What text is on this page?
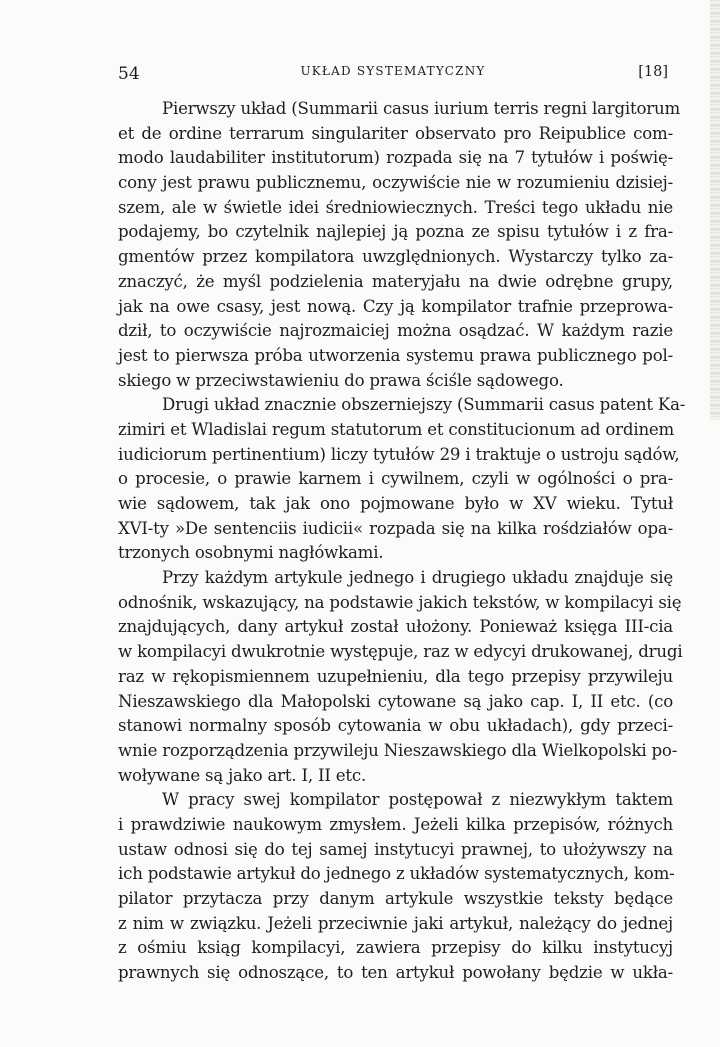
54	UKŁAD SYSTEMATYCZNY	[18]

Pierwszy układ (Summarii casus iurium terris regni largitorum
et de ordine terrarum singulariter observato pro Reipublice com-
modo laudabiliter institutorum) rozpada się na 7 tytułów i poświę-
cony jest prawu publicznemu, oczywiście nie w rozumieniu dzisiej-
szem, ale w świetle idei średniowiecznych. Treści tego układu nie
podajemy, bo czytelnik najlepiej ją pozna ze spisu tytułów i z fra-
gmentów przez kompilatora uwzględnionych. Wystarczy tylko za-
znaczyć, że myśl podzielenia materyjału na dwie odrębne grupy,
jak na owe csasy, jest nową. Czy ją kompilator trafnie przeprowa-
dził, to oczywiście najrozmaiciej można osądzać. W każdym razie
jest to pierwsza próba utworzenia systemu prawa publicznego pol-
skiego w przeciwstawieniu do prawa ściśle sądowego.

Drugi układ znacznie obszerniejszy (Summarii casus patent Ka-
zimiri et Wladislai regum statutorum et constitucionum ad ordinem
iudiciorum pertinentium) liczy tytułów 29 i traktuje o ustroju sądów,
o procesie, o prawie karnem i cywilnem, czyli w ogólności o pra-
wie sądowem, tak jak ono pojmowane było w XV wieku. Tytuł
XVI-ty »De sentenciis iudicii« rozpada się na kilka rośdziałów opa-
trzonych osobnymi nagłówkami.

Przy każdym artykule jednego i drugiego układu znajduje się
odnośnik, wskazujący, na podstawie jakich tekstów, w kompilacyi się
znajdujących, dany artykuł został ułożony. Ponieważ księga III-cia
w kompilacyi dwukrotnie występuje, raz w edycyi drukowanej, drugi
raz w rękopismiennem uzupełnieniu, dla tego przepisy przywileju
Nieszawskiego dla Małopolski cytowane są jako cap. I, II etc. (co
stanowi normalny sposób cytowania w obu układach), gdy przeci-
wnie rozporządzenia przywileju Nieszawskiego dla Wielkopolski po-
woływane są jako art. I, II etc.

W pracy swej kompilator postępował z niezwykłym taktem
i prawdziwie naukowym zmysłem. Jeżeli kilka przepisów, różnych
ustaw odnosi się do tej samej instytucyi prawnej, to ułożywszy na
ich podstawie artykuł do jednego z układów systematycznych, kom-
pilator przytacza przy danym artykule wszystkie teksty będące
z nim w związku. Jeżeli przeciwnie jaki artykuł, należący do jednej
z ośmiu ksiąg kompilacyi, zawiera przepisy do kilku instytucyj
prawnych się odnoszące, to ten artykuł powołany będzie w ukła-
